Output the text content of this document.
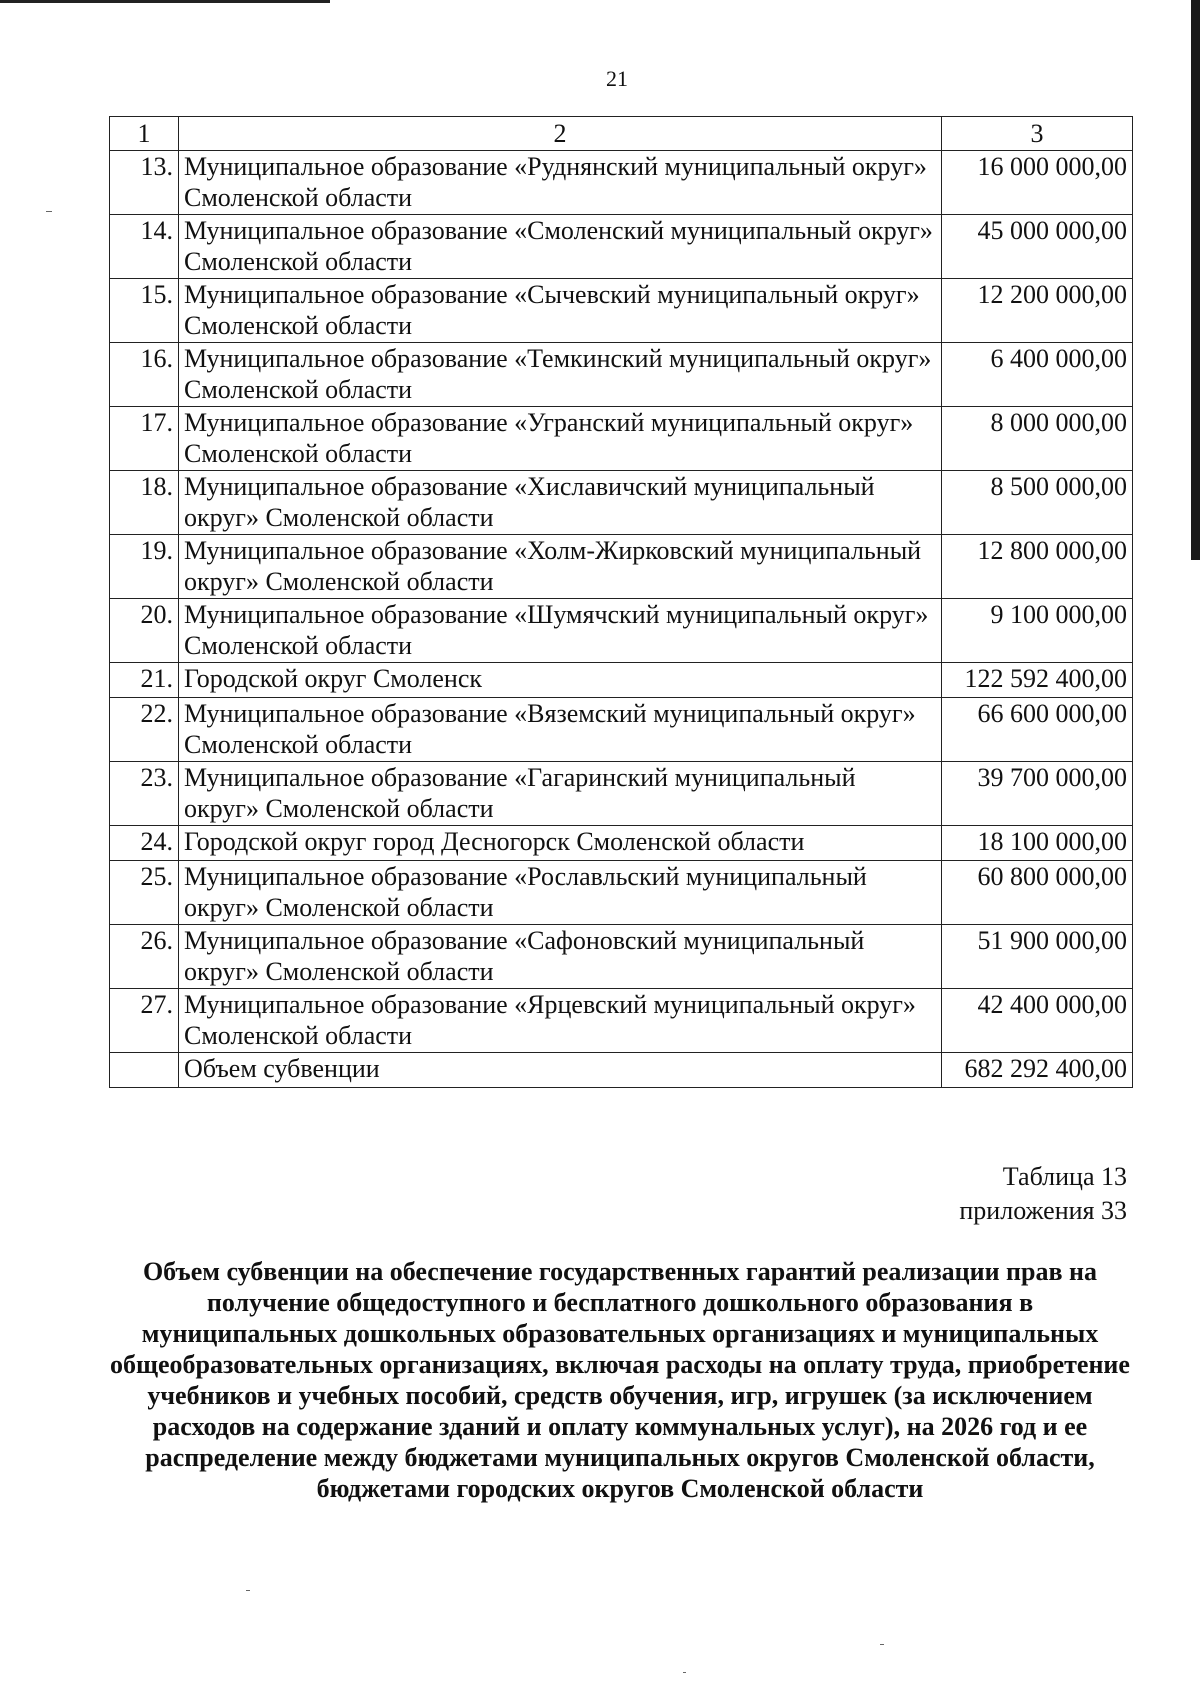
21
1	2	3
13.	Муниципальное образование «Руднянский муниципальный округ» Смоленской области	16 000 000,00
14.	Муниципальное образование «Смоленский муниципальный округ» Смоленской области	45 000 000,00
15.	Муниципальное образование «Сычевский муниципальный округ» Смоленской области	12 200 000,00
16.	Муниципальное образование «Темкинский муниципальный округ» Смоленской области	6 400 000,00
17.	Муниципальное образование «Угранский муниципальный округ» Смоленской области	8 000 000,00
18.	Муниципальное образование «Хиславичский муниципальный округ» Смоленской области	8 500 000,00
19.	Муниципальное образование «Холм-Жирковский муниципальный округ» Смоленской области	12 800 000,00
20.	Муниципальное образование «Шумячский муниципальный округ» Смоленской области	9 100 000,00
21.	Городской округ Смоленск	122 592 400,00
22.	Муниципальное образование «Вяземский муниципальный округ» Смоленской области	66 600 000,00
23.	Муниципальное образование «Гагаринский муниципальный округ» Смоленской области	39 700 000,00
24.	Городской округ город Десногорск Смоленской области	18 100 000,00
25.	Муниципальное образование «Рославльский муниципальный округ» Смоленской области	60 800 000,00
26.	Муниципальное образование «Сафоновский муниципальный округ» Смоленской области	51 900 000,00
27.	Муниципальное образование «Ярцевский муниципальный округ» Смоленской области	42 400 000,00
	Объем субвенции	682 292 400,00
Таблица 13
приложения 33
Объем субвенции на обеспечение государственных гарантий реализации прав на получение общедоступного и бесплатного дошкольного образования в муниципальных дошкольных образовательных организациях и муниципальных общеобразовательных организациях, включая расходы на оплату труда, приобретение учебников и учебных пособий, средств обучения, игр, игрушек (за исключением расходов на содержание зданий и оплату коммунальных услуг), на 2026 год и ее распределение между бюджетами муниципальных округов Смоленской области, бюджетами городских округов Смоленской области
